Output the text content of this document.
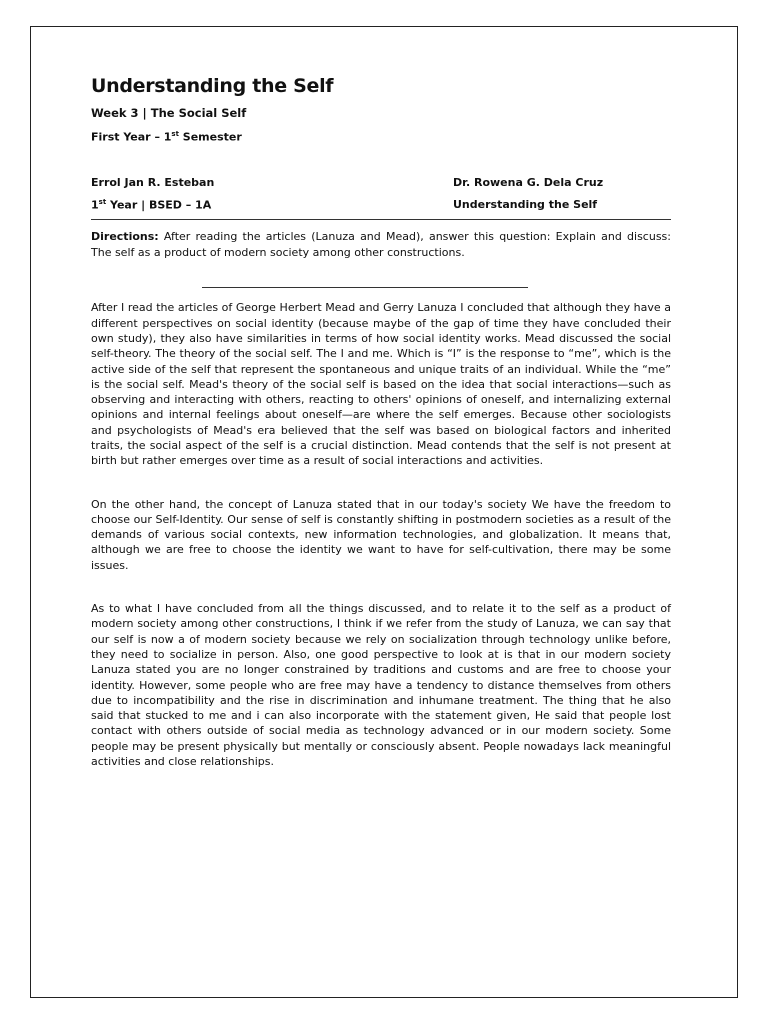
Understanding the Self
Week 3 | The Social Self
First Year – 1st Semester
Errol Jan R. Esteban	Dr. Rowena G. Dela Cruz
1st Year | BSED – 1A	Understanding the Self
Directions: After reading the articles (Lanuza and Mead), answer this question: Explain and discuss: The self as a product of modern society among other constructions.

After I read the articles of George Herbert Mead and Gerry Lanuza I concluded that although they have a different perspectives on social identity (because maybe of the gap of time they have concluded their own study), they also have similarities in terms of how social identity works. Mead discussed the social self-theory. The theory of the social self. The I and me. Which is “I” is the response to “me”, which is the active side of the self that represent the spontaneous and unique traits of an individual. While the “me” is the social self. Mead's theory of the social self is based on the idea that social interactions—such as observing and interacting with others, reacting to others' opinions of oneself, and internalizing external opinions and internal feelings about oneself—are where the self emerges. Because other sociologists and psychologists of Mead's era believed that the self was based on biological factors and inherited traits, the social aspect of the self is a crucial distinction. Mead contends that the self is not present at birth but rather emerges over time as a result of social interactions and activities.

On the other hand, the concept of Lanuza stated that in our today's society We have the freedom to choose our Self-Identity. Our sense of self is constantly shifting in postmodern societies as a result of the demands of various social contexts, new information technologies, and globalization. It means that, although we are free to choose the identity we want to have for self-cultivation, there may be some issues.

As to what I have concluded from all the things discussed, and to relate it to the self as a product of modern society among other constructions, I think if we refer from the study of Lanuza, we can say that our self is now a of modern society because we rely on socialization through technology unlike before, they need to socialize in person. Also, one good perspective to look at is that in our modern society Lanuza stated you are no longer constrained by traditions and customs and are free to choose your identity. However, some people who are free may have a tendency to distance themselves from others due to incompatibility and the rise in discrimination and inhumane treatment. The thing that he also said that stucked to me and i can also incorporate with the statement given, He said that people lost contact with others outside of social media as technology advanced or in our modern society. Some people may be present physically but mentally or consciously absent. People nowadays lack meaningful activities and close relationships.
